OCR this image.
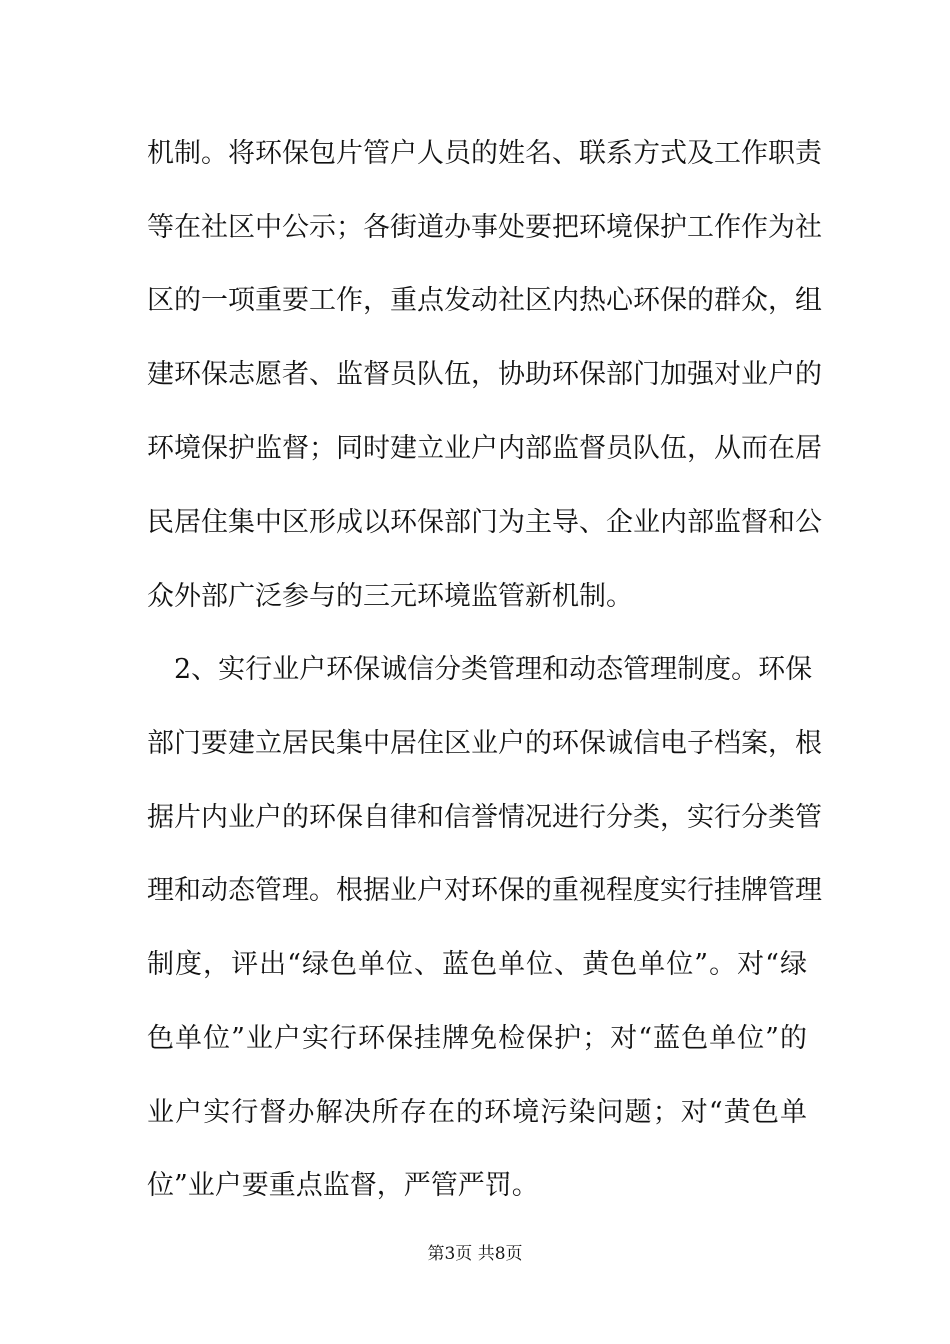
机制。将环保包片管户人员的姓名、联系方式及工作职责
等在社区中公示；各街道办事处要把环境保护工作作为社
区的一项重要工作，重点发动社区内热心环保的群众，组
建环保志愿者、监督员队伍，协助环保部门加强对业户的
环境保护监督；同时建立业户内部监督员队伍，从而在居
民居住集中区形成以环保部门为主导、企业内部监督和公
众外部广泛参与的三元环境监管新机制。
　2、实行业户环保诚信分类管理和动态管理制度。环保
部门要建立居民集中居住区业户的环保诚信电子档案，根
据片内业户的环保自律和信誉情况进行分类，实行分类管
理和动态管理。根据业户对环保的重视程度实行挂牌管理
制度，评出“绿色单位、蓝色单位、黄色单位”。对“绿
色单位”业户实行环保挂牌免检保护；对“蓝色单位”的
业户实行督办解决所存在的环境污染问题；对“黄色单
位”业户要重点监督，严管严罚。
第3页 共8页
